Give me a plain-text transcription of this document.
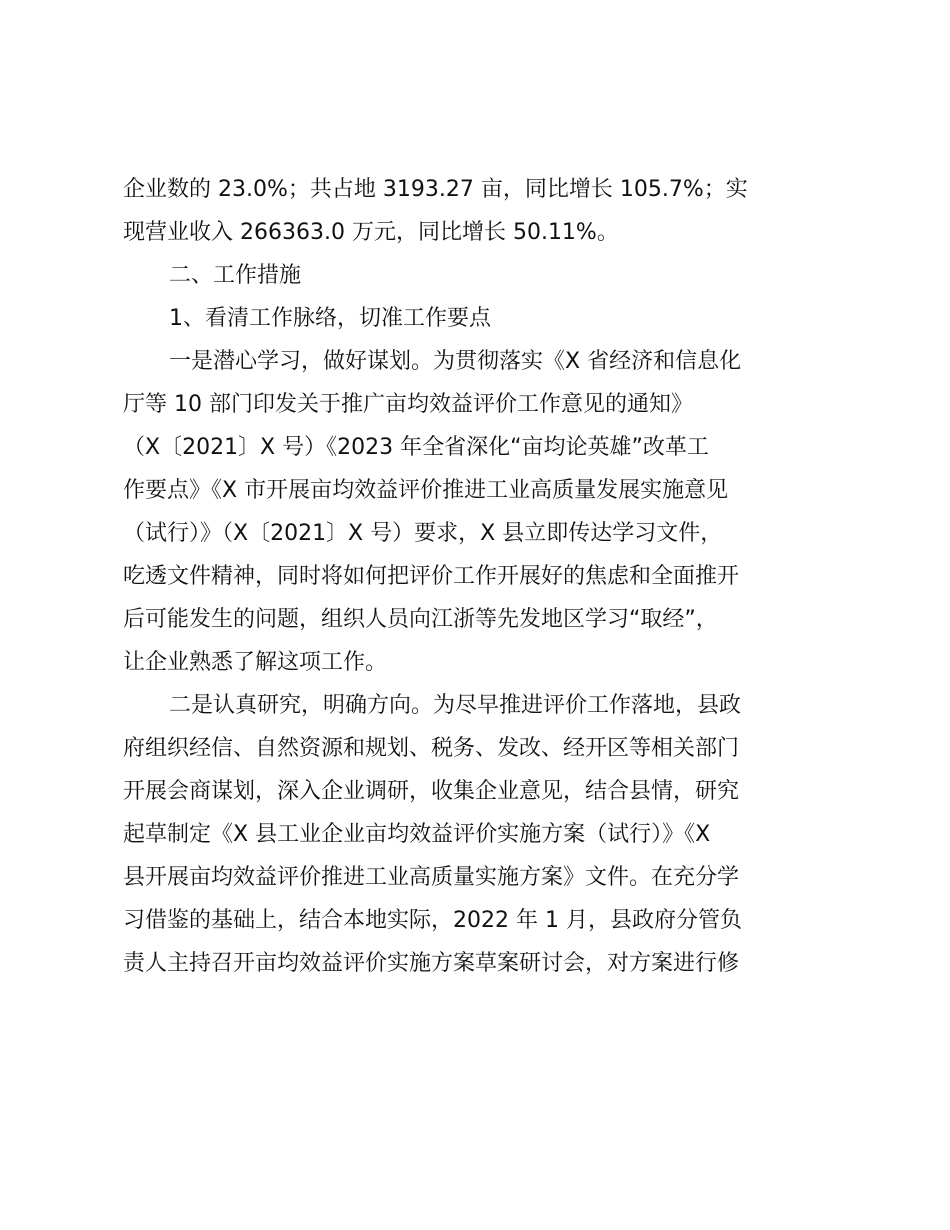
企业数的 23.0%；共占地 3193.27 亩，同比增长 105.7%；实
现营业收入 266363.0 万元，同比增长 50.11%。
二、工作措施
1、看清工作脉络，切准工作要点
一是潜心学习，做好谋划。为贯彻落实《X 省经济和信息化
厅等 10 部门印发关于推广亩均效益评价工作意见的通知》
（X〔2021〕X 号）《2023 年全省深化“亩均论英雄”改革工
作要点》《X 市开展亩均效益评价推进工业高质量发展实施意见
（试行）》（X〔2021〕X 号）要求，X 县立即传达学习文件，
吃透文件精神，同时将如何把评价工作开展好的焦虑和全面推开
后可能发生的问题，组织人员向江浙等先发地区学习“取经”，
让企业熟悉了解这项工作。
二是认真研究，明确方向。为尽早推进评价工作落地，县政
府组织经信、自然资源和规划、税务、发改、经开区等相关部门
开展会商谋划，深入企业调研，收集企业意见，结合县情，研究
起草制定《X 县工业企业亩均效益评价实施方案（试行）》《X
县开展亩均效益评价推进工业高质量实施方案》文件。在充分学
习借鉴的基础上，结合本地实际，2022 年 1 月，县政府分管负
责人主持召开亩均效益评价实施方案草案研讨会，对方案进行修
